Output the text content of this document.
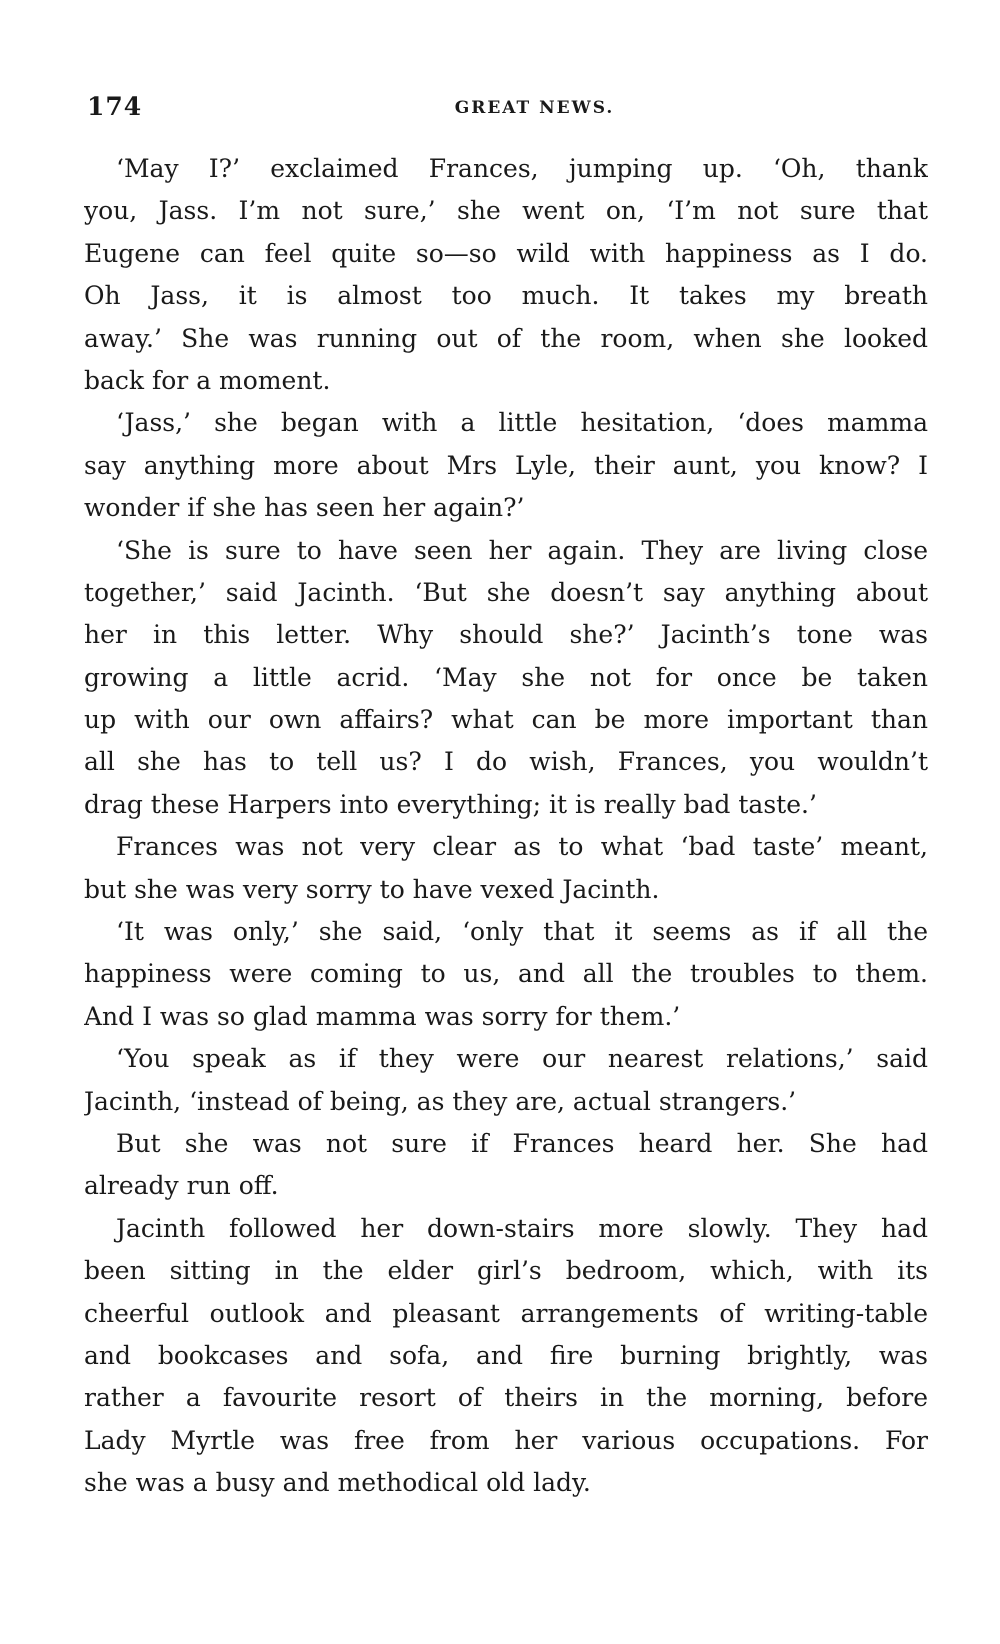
174	GREAT NEWS.
‘May I?’ exclaimed Frances, jumping up. ‘Oh, thank
you, Jass. I’m not sure,’ she went on, ‘I’m not sure that
Eugene can feel quite so—so wild with happiness as I do.
Oh Jass, it is almost too much. It takes my breath
away.’ She was running out of the room, when she looked
back for a moment.
‘Jass,’ she began with a little hesitation, ‘does mamma
say anything more about Mrs Lyle, their aunt, you know? I
wonder if she has seen her again?’
‘She is sure to have seen her again. They are living close
together,’ said Jacinth. ‘But she doesn’t say anything about
her in this letter. Why should she?’ Jacinth’s tone was
growing a little acrid. ‘May she not for once be taken
up with our own affairs? what can be more important than
all she has to tell us? I do wish, Frances, you wouldn’t
drag these Harpers into everything; it is really bad taste.’
Frances was not very clear as to what ‘bad taste’ meant,
but she was very sorry to have vexed Jacinth.
‘It was only,’ she said, ‘only that it seems as if all the
happiness were coming to us, and all the troubles to them.
And I was so glad mamma was sorry for them.’
‘You speak as if they were our nearest relations,’ said
Jacinth, ‘instead of being, as they are, actual strangers.’
But she was not sure if Frances heard her. She had
already run off.
Jacinth followed her down-stairs more slowly. They had
been sitting in the elder girl’s bedroom, which, with its
cheerful outlook and pleasant arrangements of writing-table
and bookcases and sofa, and fire burning brightly, was
rather a favourite resort of theirs in the morning, before
Lady Myrtle was free from her various occupations. For
she was a busy and methodical old lady.
